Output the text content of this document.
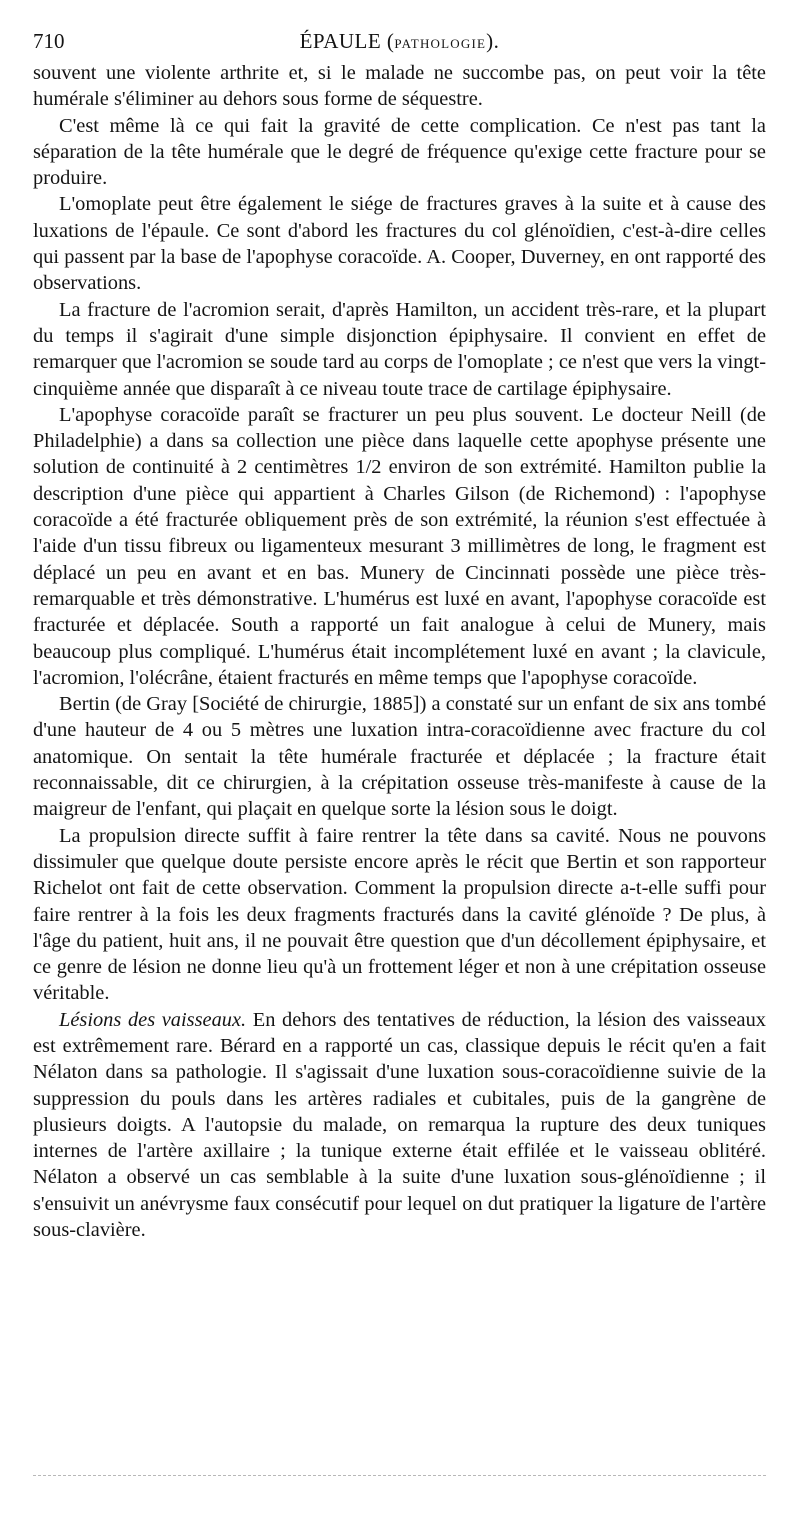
710	ÉPAULE (PATHOLOGIE).

souvent une violente arthrite et, si le malade ne succombe pas, on peut voir la tête humérale s'éliminer au dehors sous forme de séquestre.

C'est même là ce qui fait la gravité de cette complication. Ce n'est pas tant la séparation de la tête humérale que le degré de fréquence qu'exige cette fracture pour se produire.

L'omoplate peut être également le siége de fractures graves à la suite et à cause des luxations de l'épaule. Ce sont d'abord les fractures du col glénoïdien, c'est-à-dire celles qui passent par la base de l'apophyse coracoïde. A. Cooper, Duverney, en ont rapporté des observations.

La fracture de l'acromion serait, d'après Hamilton, un accident très-rare, et la plupart du temps il s'agirait d'une simple disjonction épiphysaire. Il convient en effet de remarquer que l'acromion se soude tard au corps de l'omoplate ; ce n'est que vers la vingt-cinquième année que disparaît à ce niveau toute trace de cartilage épiphysaire.

L'apophyse coracoïde paraît se fracturer un peu plus souvent. Le docteur Neill (de Philadelphie) a dans sa collection une pièce dans laquelle cette apophyse présente une solution de continuité à 2 centimètres 1/2 environ de son extrémité. Hamilton publie la description d'une pièce qui appartient à Charles Gilson (de Richemond) : l'apophyse coracoïde a été fracturée obliquement près de son extrémité, la réunion s'est effectuée à l'aide d'un tissu fibreux ou ligamenteux mesurant 3 millimètres de long, le fragment est déplacé un peu en avant et en bas. Munery de Cincinnati possède une pièce très-remarquable et très démonstrative. L'humérus est luxé en avant, l'apophyse coracoïde est fracturée et déplacée. South a rapporté un fait analogue à celui de Munery, mais beaucoup plus compliqué. L'humérus était incomplétement luxé en avant ; la clavicule, l'acromion, l'olécrâne, étaient fracturés en même temps que l'apophyse coracoïde.

Bertin (de Gray [Société de chirurgie, 1885]) a constaté sur un enfant de six ans tombé d'une hauteur de 4 ou 5 mètres une luxation intra-coracoïdienne avec fracture du col anatomique. On sentait la tête humérale fracturée et déplacée ; la fracture était reconnaissable, dit ce chirurgien, à la crépitation osseuse très-manifeste à cause de la maigreur de l'enfant, qui plaçait en quelque sorte la lésion sous le doigt.

La propulsion directe suffit à faire rentrer la tête dans sa cavité. Nous ne pouvons dissimuler que quelque doute persiste encore après le récit que Bertin et son rapporteur Richelot ont fait de cette observation. Comment la propulsion directe a-t-elle suffi pour faire rentrer à la fois les deux fragments fracturés dans la cavité glénoïde ? De plus, à l'âge du patient, huit ans, il ne pouvait être question que d'un décollement épiphysaire, et ce genre de lésion ne donne lieu qu'à un frottement léger et non à une crépitation osseuse véritable.

Lésions des vaisseaux. En dehors des tentatives de réduction, la lésion des vaisseaux est extrêmement rare. Bérard en a rapporté un cas, classique depuis le récit qu'en a fait Nélaton dans sa pathologie. Il s'agissait d'une luxation sous-coracoïdienne suivie de la suppression du pouls dans les artères radiales et cubitales, puis de la gangrène de plusieurs doigts. A l'autopsie du malade, on remarqua la rupture des deux tuniques internes de l'artère axillaire ; la tunique externe était effilée et le vaisseau oblitéré. Nélaton a observé un cas semblable à la suite d'une luxation sous-glénoïdienne ; il s'ensuivit un anévrysme faux consécutif pour lequel on dut pratiquer la ligature de l'artère sous-clavière.
